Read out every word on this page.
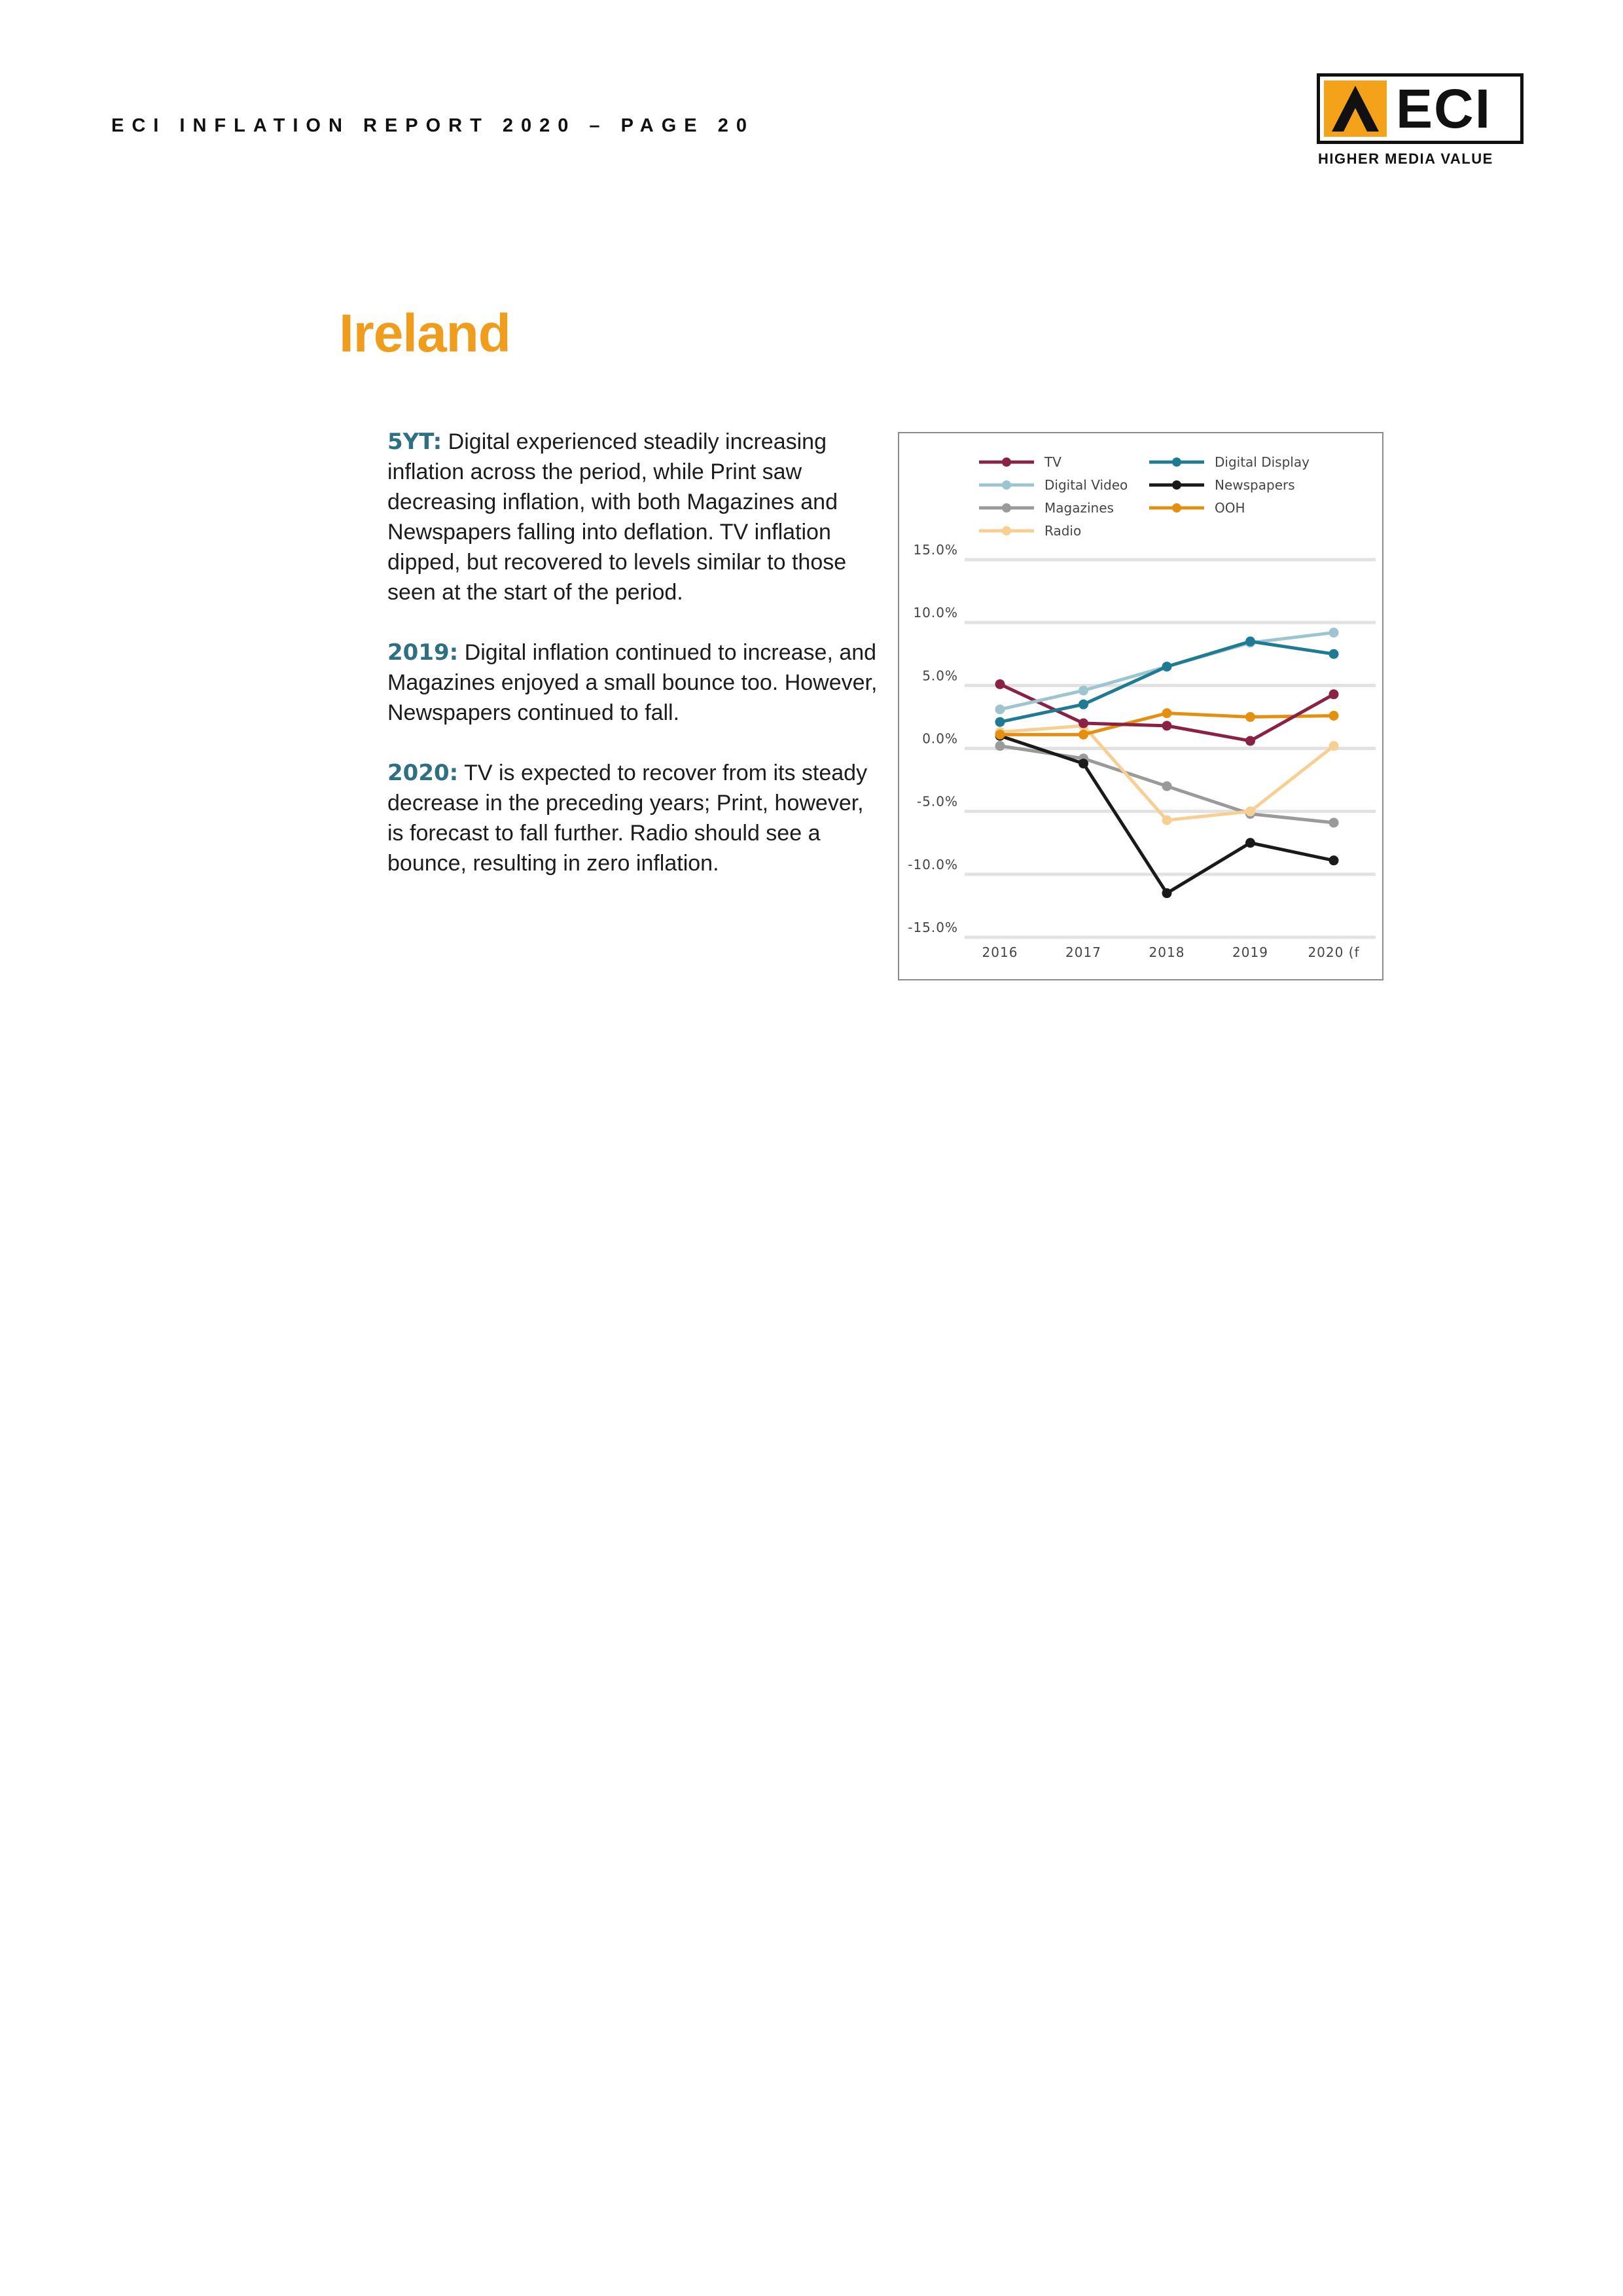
ECI INFLATION REPORT 2020 – PAGE 20	ECI
HIGHER MEDIA VALUE
Ireland

5YT: Digital experienced steadily increasing inflation across the period, while Print saw decreasing inflation, with both Magazines and Newspapers falling into deflation. TV inflation dipped, but recovered to levels similar to those seen at the start of the period.

2019: Digital inflation continued to increase, and Magazines enjoyed a small bounce too. However, Newspapers continued to fall.

2020: TV is expected to recover from its steady decrease in the preceding years; Print, however, is forecast to fall further. Radio should see a bounce, resulting in zero inflation.

TV	Digital Display
Digital Video	Newspapers
Magazines	OOH
Radio
15.0%
10.0%
5.0%
0.0%
-5.0%
-10.0%
-15.0%
2016	2017	2018	2019	2020 (f
